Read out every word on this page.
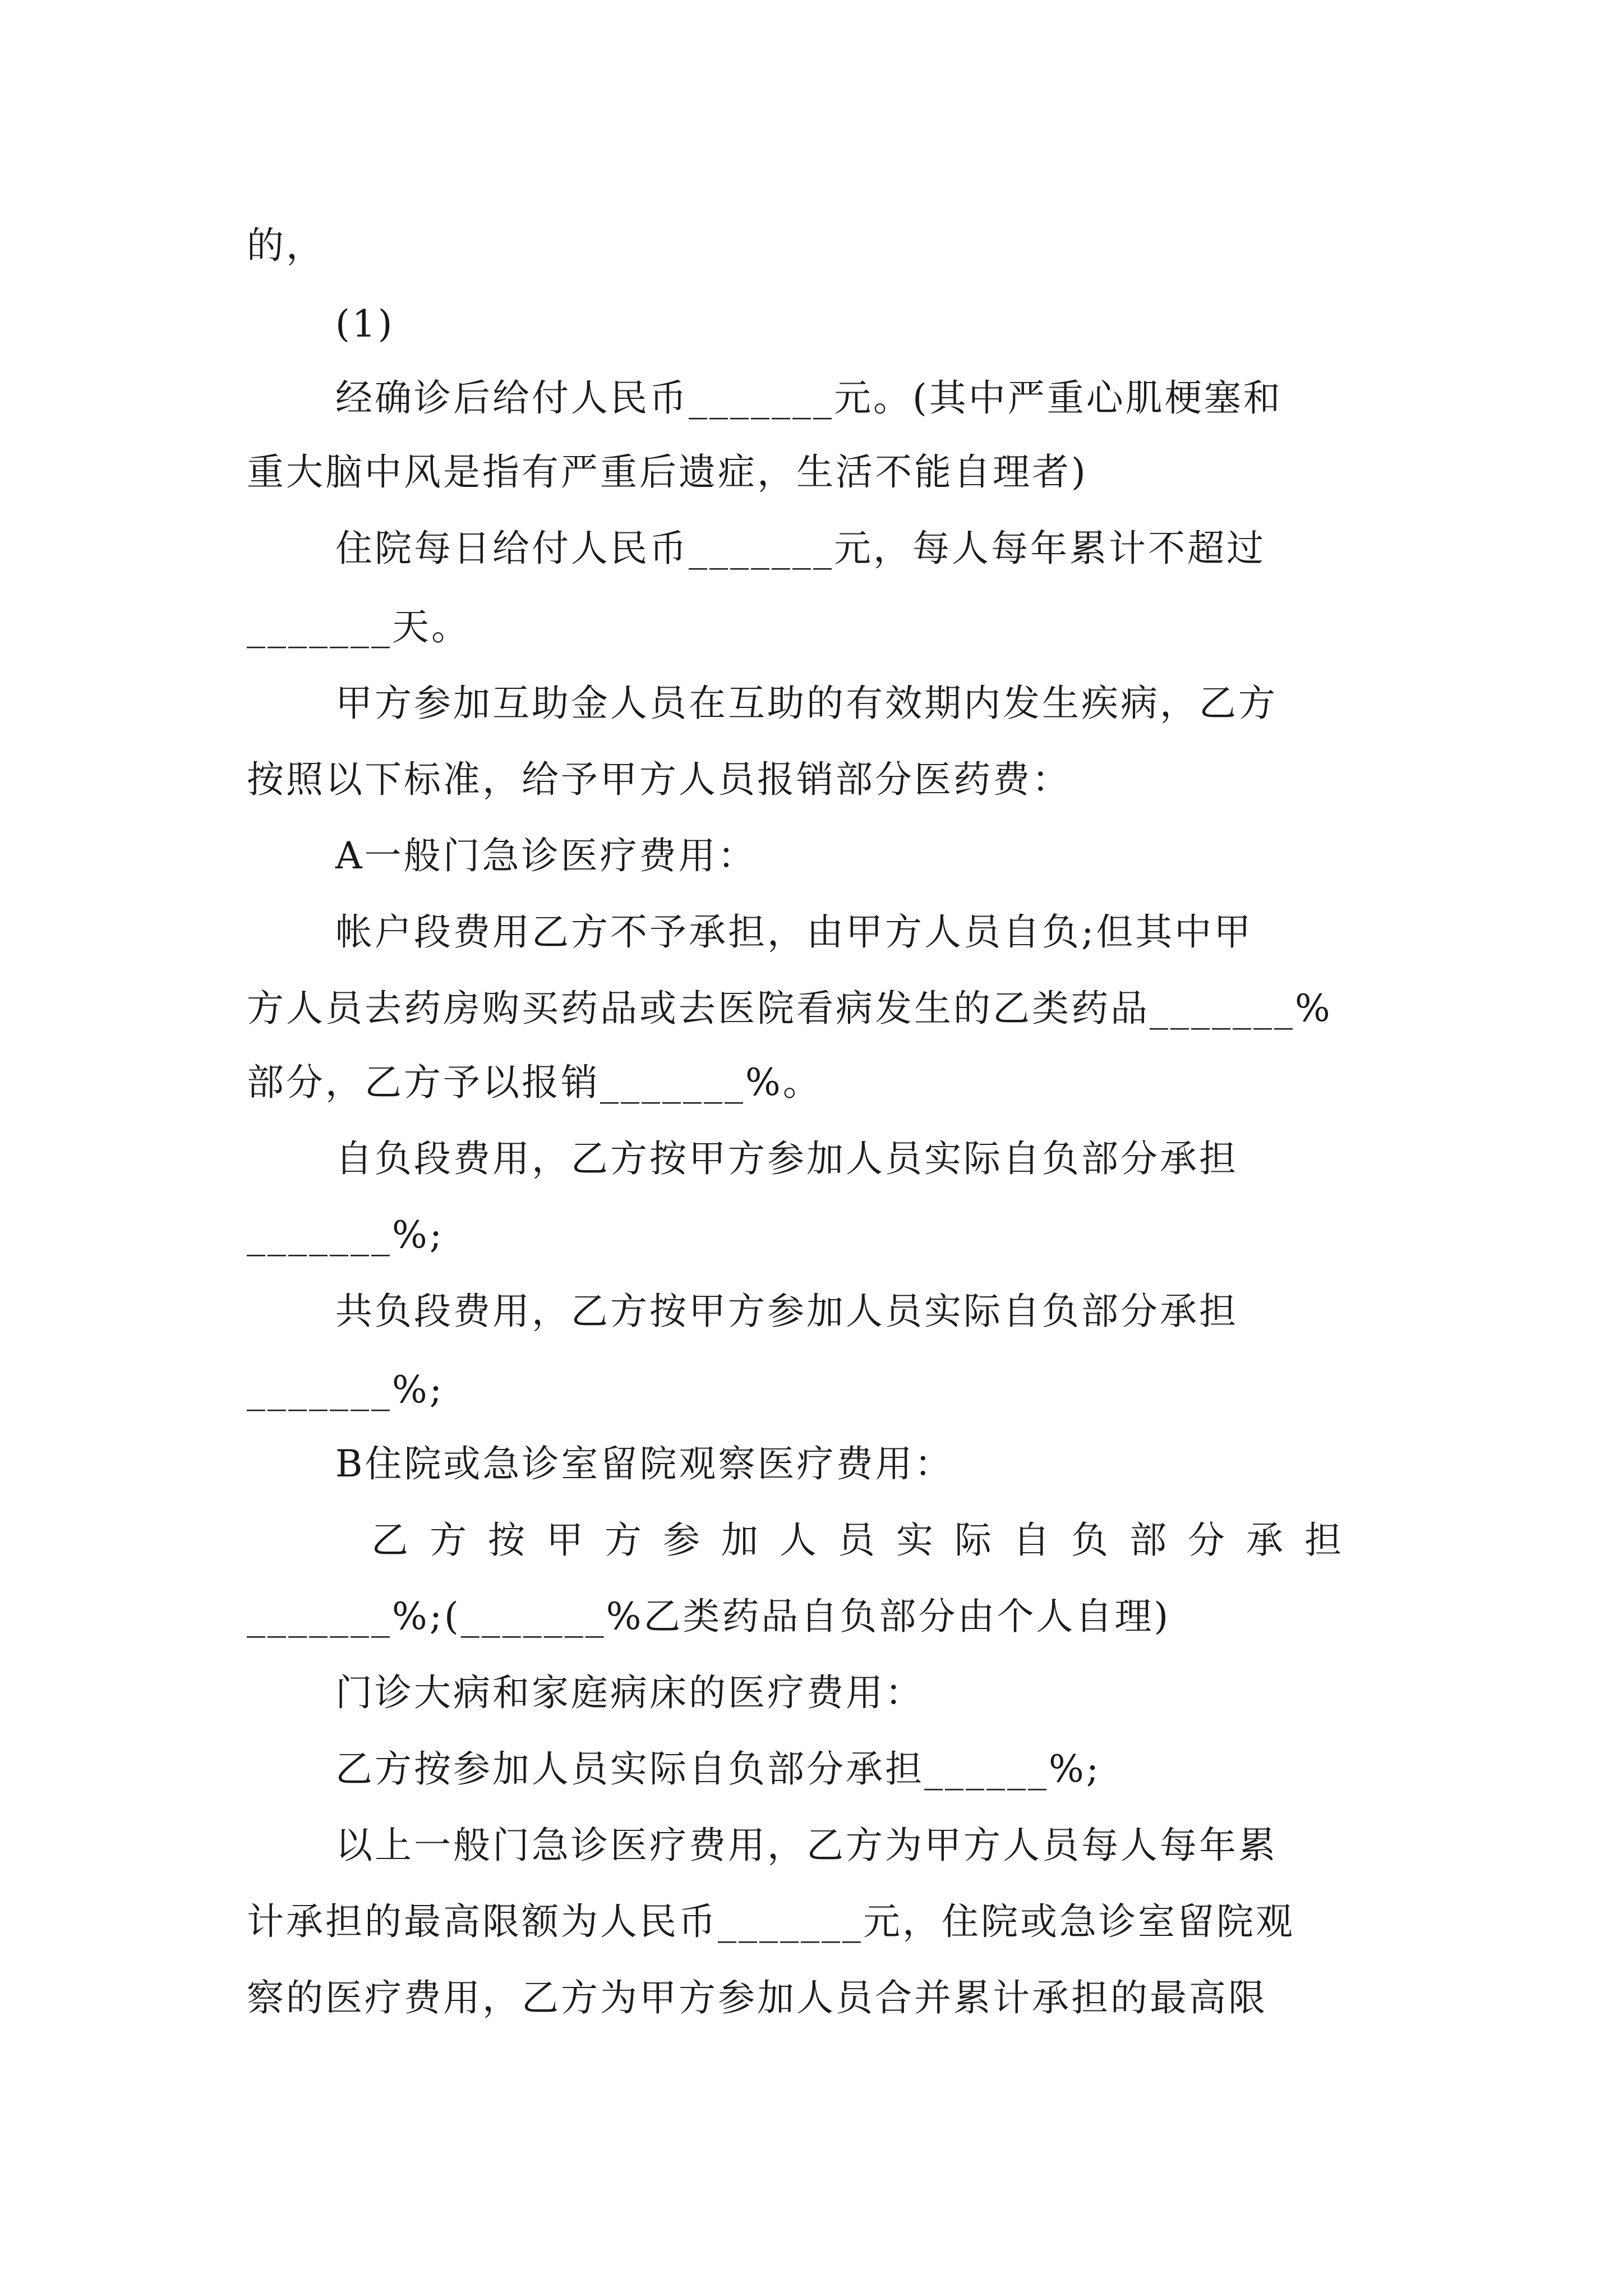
的，
(1)
经确诊后给付人民币_______元。(其中严重心肌梗塞和
重大脑中风是指有严重后遗症，生活不能自理者)
住院每日给付人民币_______元，每人每年累计不超过
_______天。
甲方参加互助金人员在互助的有效期内发生疾病，乙方
按照以下标准，给予甲方人员报销部分医药费：
A一般门急诊医疗费用：
帐户段费用乙方不予承担，由甲方人员自负;但其中甲
方人员去药房购买药品或去医院看病发生的乙类药品_______%
部分，乙方予以报销_______%。
自负段费用，乙方按甲方参加人员实际自负部分承担
_______%;
共负段费用，乙方按甲方参加人员实际自负部分承担
_______%;
B住院或急诊室留院观察医疗费用：
乙方按甲方参加人员实际自负部分承担
_______%;(_______%乙类药品自负部分由个人自理)
门诊大病和家庭病床的医疗费用：
乙方按参加人员实际自负部分承担______%;
以上一般门急诊医疗费用，乙方为甲方人员每人每年累
计承担的最高限额为人民币_______元，住院或急诊室留院观
察的医疗费用，乙方为甲方参加人员合并累计承担的最高限
